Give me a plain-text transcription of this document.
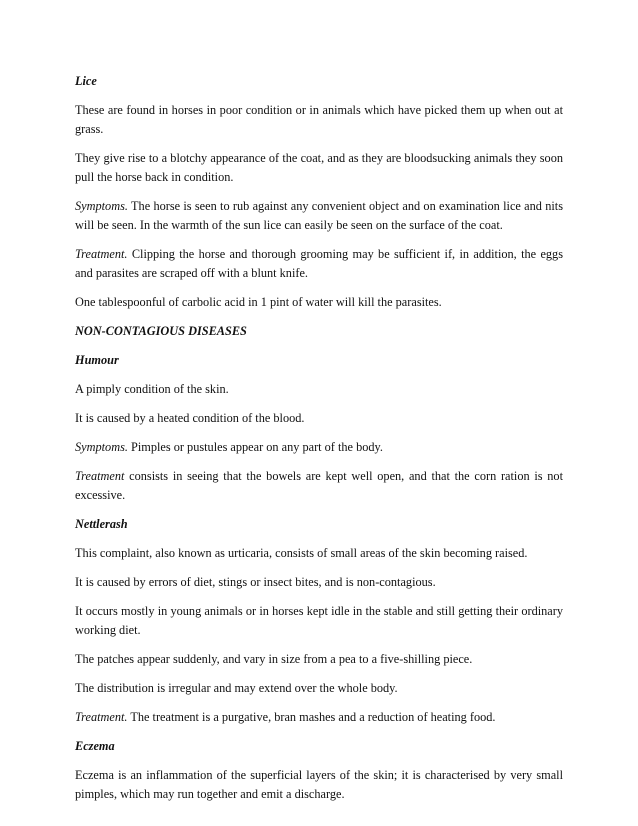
Lice

These are found in horses in poor condition or in animals which have picked them up when out at grass.

They give rise to a blotchy appearance of the coat, and as they are bloodsucking animals they soon pull the horse back in condition.

Symptoms. The horse is seen to rub against any convenient object and on examination lice and nits will be seen. In the warmth of the sun lice can easily be seen on the surface of the coat.

Treatment. Clipping the horse and thorough grooming may be sufficient if, in addition, the eggs and parasites are scraped off with a blunt knife.

One tablespoonful of carbolic acid in 1 pint of water will kill the parasites.

NON-CONTAGIOUS DISEASES

Humour

A pimply condition of the skin.

It is caused by a heated condition of the blood.

Symptoms. Pimples or pustules appear on any part of the body.

Treatment consists in seeing that the bowels are kept well open, and that the corn ration is not excessive.

Nettlerash

This complaint, also known as urticaria, consists of small areas of the skin becoming raised.

It is caused by errors of diet, stings or insect bites, and is non-contagious.

It occurs mostly in young animals or in horses kept idle in the stable and still getting their ordinary working diet.

The patches appear suddenly, and vary in size from a pea to a five-shilling piece.

The distribution is irregular and may extend over the whole body.

Treatment. The treatment is a purgative, bran mashes and a reduction of heating food.

Eczema

Eczema is an inflammation of the superficial layers of the skin; it is characterised by very small pimples, which may run together and emit a discharge.
